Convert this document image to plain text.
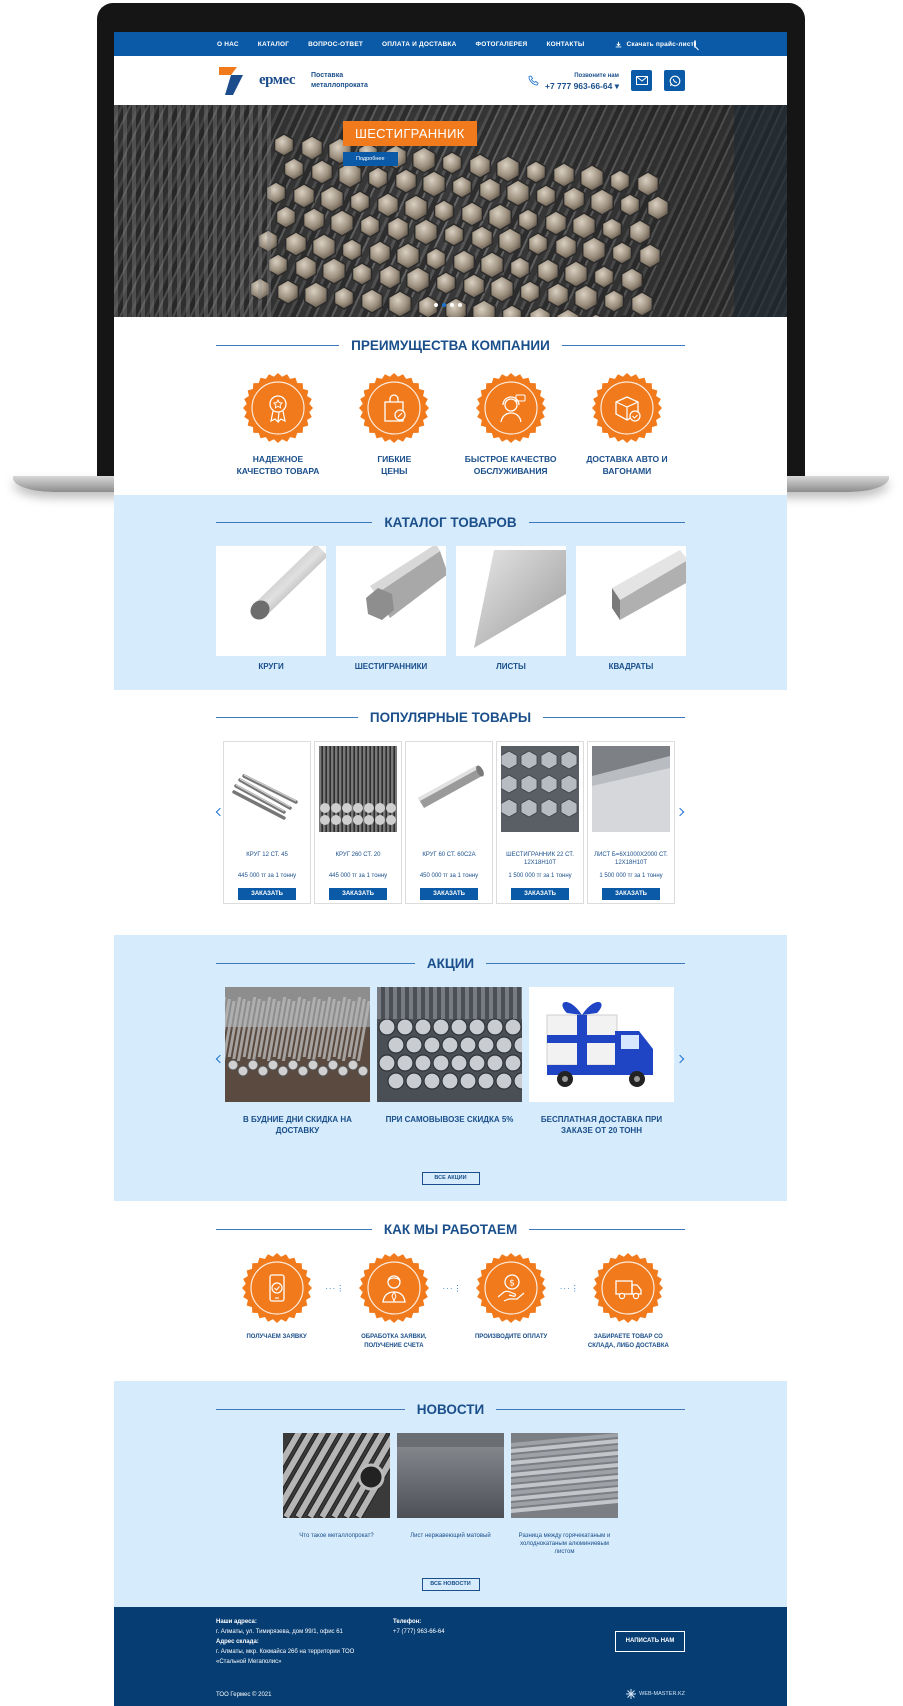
О НАС	КАТАЛОГ	ВОПРОС-ОТВЕТ	ОПЛАТА И ДОСТАВКА	ФОТОГАЛЕРЕЯ	КОНТАКТЫ	Скачать прайс-лист
ермес Поставка
металлопроката
Позвоните нам
+7 777 963-66-64 ▾
ШЕСТИГРАННИК
Подробнее
ПРЕИМУЩЕСТВА КОМПАНИИ
НАДЕЖНОЕ
КАЧЕСТВО ТОВАРА
ГИБКИЕ
ЦЕНЫ
БЫСТРОЕ КАЧЕСТВО
ОБСЛУЖИВАНИЯ
ДОСТАВКА АВТО И
ВАГОНАМИ
КАТАЛОГ ТОВАРОВ
КРУГИ	ШЕСТИГРАННИКИ	ЛИСТЫ	КВАДРАТЫ
ПОПУЛЯРНЫЕ ТОВАРЫ
КРУГ 12 СТ. 45
445 000 тг за 1 тонну
ЗАКАЗАТЬ
КРУГ 260 СТ. 20
445 000 тг за 1 тонну
ЗАКАЗАТЬ
КРУГ 60 СТ. 60С2А
450 000 тг за 1 тонну
ЗАКАЗАТЬ
ШЕСТИГРАННИК 22 СТ. 12Х18Н10Т
1 500 000 тг за 1 тонну
ЗАКАЗАТЬ
ЛИСТ Б=6Х1000Х2000 СТ. 12Х18Н10Т
1 500 000 тг за 1 тонну
ЗАКАЗАТЬ
АКЦИИ
В БУДНИЕ ДНИ СКИДКА НА ДОСТАВКУ
ПРИ САМОВЫВОЗЕ СКИДКА 5%	БЕСПЛАТНАЯ ДОСТАВКА ПРИ ЗАКАЗЕ ОТ 20 ТОНН
ВСЕ АКЦИИ
КАК МЫ РАБОТАЕМ
ПОЛУЧАЕМ ЗАЯВКУ
···⋮
ОБРАБОТКА ЗАЯВКИ,
ПОЛУЧЕНИЕ СЧЕТА
···⋮	$
ПРОИЗВОДИТЕ ОПЛАТУ
···⋮
ЗАБИРАЕТЕ ТОВАР СО
СКЛАДА, ЛИБО ДОСТАВКА
НОВОСТИ
Что такое металлопрокат?	Лист нержавеющий матовый	Разница между горячекатаным и
холоднокатаным алюминиевым
листом
ВСЕ НОВОСТИ
Наши адреса:
г. Алматы, ул. Тимирязева, дом 99/1, офис 61
Адрес склада:
г. Алматы, мкр. Кокмайса 26б на территории ТОО
«Стальной Мегаполис»
Телефон:
+7 (777) 963-66-64
НАПИСАТЬ НАМ
ТОО Гермес © 2021	WEB-MASTER.KZ
